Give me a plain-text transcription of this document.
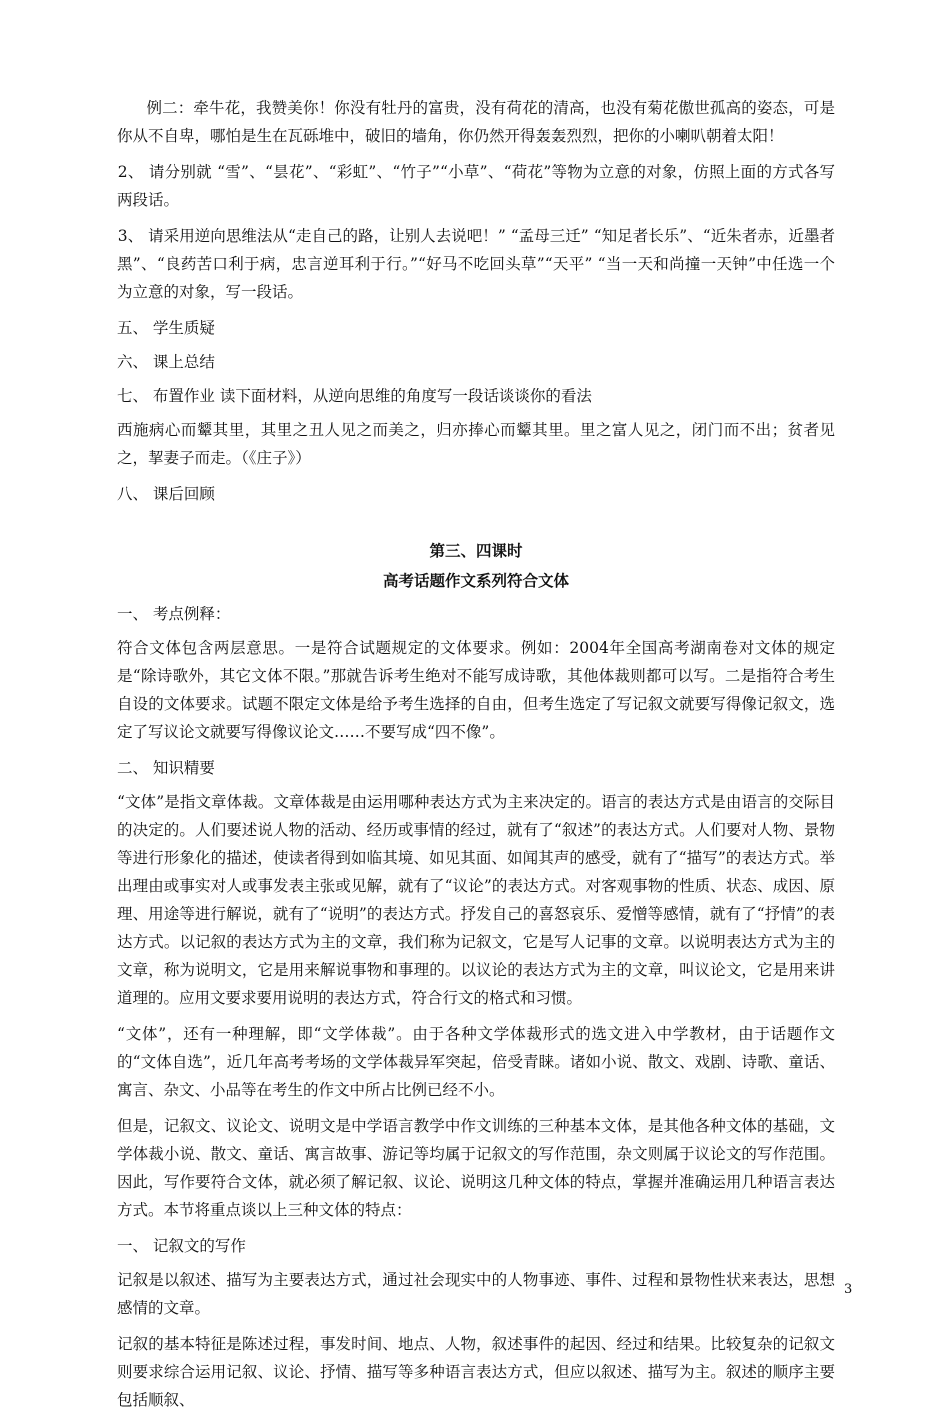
例二：牵牛花，我赞美你！你没有牡丹的富贵，没有荷花的清高，也没有菊花傲世孤高的姿态，可是你从不自卑，哪怕是生在瓦砾堆中，破旧的墙角，你仍然开得轰轰烈烈，把你的小喇叭朝着太阳！

2、 请分别就 “雪”、“昙花”、“彩虹”、“竹子”“小草”、“荷花”等物为立意的对象，仿照上面的方式各写两段话。

3、 请采用逆向思维法从“走自己的路，让别人去说吧！” “孟母三迁” “知足者长乐”、“近朱者赤，近墨者黑”、“良药苦口利于病，忠言逆耳利于行。”“好马不吃回头草”“天平” “当一天和尚撞一天钟”中任选一个为立意的对象，写一段话。

五、 学生质疑

六、 课上总结

七、 布置作业 读下面材料，从逆向思维的角度写一段话谈谈你的看法

西施病心而颦其里，其里之丑人见之而美之，归亦捧心而颦其里。里之富人见之，闭门而不出；贫者见之，挈妻子而走。（《庄子》）

八、 课后回顾

第三、四课时
高考话题作文系列符合文体

一、 考点例释：

符合文体包含两层意思。一是符合试题规定的文体要求。例如：2004年全国高考湖南卷对文体的规定是“除诗歌外，其它文体不限。”那就告诉考生绝对不能写成诗歌，其他体裁则都可以写。二是指符合考生自设的文体要求。试题不限定文体是给予考生选择的自由，但考生选定了写记叙文就要写得像记叙文，选定了写议论文就要写得像议论文……不要写成“四不像”。

二、 知识精要

“文体”是指文章体裁。文章体裁是由运用哪种表达方式为主来决定的。语言的表达方式是由语言的交际目的决定的。人们要述说人物的活动、经历或事情的经过，就有了“叙述”的表达方式。人们要对人物、景物等进行形象化的描述，使读者得到如临其境、如见其面、如闻其声的感受，就有了“描写”的表达方式。举出理由或事实对人或事发表主张或见解，就有了“议论”的表达方式。对客观事物的性质、状态、成因、原理、用途等进行解说，就有了“说明”的表达方式。抒发自己的喜怒哀乐、爱憎等感情，就有了“抒情”的表达方式。以记叙的表达方式为主的文章，我们称为记叙文，它是写人记事的文章。以说明表达方式为主的文章，称为说明文，它是用来解说事物和事理的。以议论的表达方式为主的文章，叫议论文，它是用来讲道理的。应用文要求要用说明的表达方式，符合行文的格式和习惯。

“文体”，还有一种理解，即“文学体裁”。由于各种文学体裁形式的选文进入中学教材，由于话题作文的“文体自选”，近几年高考考场的文学体裁异军突起，倍受青睐。诸如小说、散文、戏剧、诗歌、童话、寓言、杂文、小品等在考生的作文中所占比例已经不小。

但是，记叙文、议论文、说明文是中学语言教学中作文训练的三种基本文体，是其他各种文体的基础，文学体裁小说、散文、童话、寓言故事、游记等均属于记叙文的写作范围，杂文则属于议论文的写作范围。因此，写作要符合文体，就必须了解记叙、议论、说明这几种文体的特点，掌握并准确运用几种语言表达方式。本节将重点谈以上三种文体的特点：

一、 记叙文的写作

记叙是以叙述、描写为主要表达方式，通过社会现实中的人物事迹、事件、过程和景物性状来表达，思想感情的文章。

记叙的基本特征是陈述过程，事发时间、地点、人物，叙述事件的起因、经过和结果。比较复杂的记叙文则要求综合运用记叙、议论、抒情、描写等多种语言表达方式，但应以叙述、描写为主。叙述的顺序主要包括顺叙、

3
